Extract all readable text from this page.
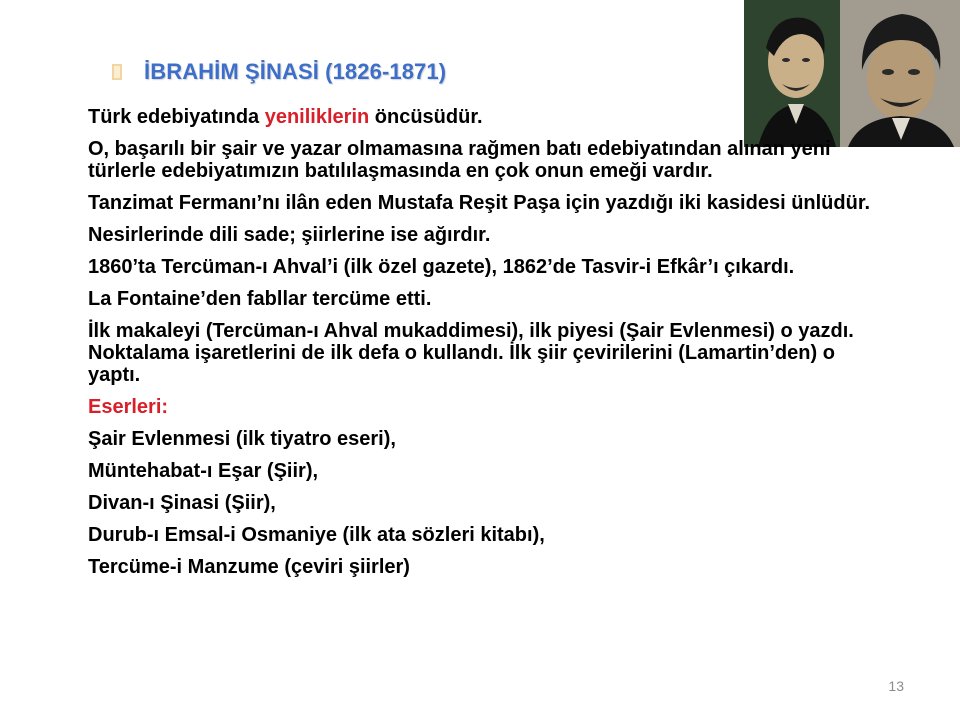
İBRAHİM ŞİNASİ (1826-1871)
Türk edebiyatında yeniliklerin öncüsüdür.
O, başarılı bir şair ve yazar olmamasına rağmen batı edebiyatından alınan yeni türlerle edebiyatımızın batılılaşmasında en çok onun emeği vardır.
Tanzimat Fermanı’nı ilân eden Mustafa Reşit Paşa için yazdığı iki kasidesi ünlüdür.
Nesirlerinde dili sade; şiirlerine ise ağırdır.
1860’ta Tercüman-ı Ahval’i (ilk özel gazete), 1862’de Tasvir-i Efkâr’ı çıkardı.
La Fontaine’den fabllar tercüme etti.
İlk makaleyi (Tercüman-ı Ahval mukaddimesi), ilk piyesi (Şair Evlenmesi) o yazdı. Noktalama işaretlerini de ilk defa o kullandı. İlk şiir çevirilerini (Lamartin’den) o yaptı.
Eserleri:
Şair Evlenmesi (ilk tiyatro eseri),
Müntehabat-ı Eşar (Şiir),
Divan-ı Şinasi (Şiir),
Durub-ı Emsal-i Osmaniye (ilk ata sözleri kitabı),
Tercüme-i Manzume (çeviri şiirler)
13
